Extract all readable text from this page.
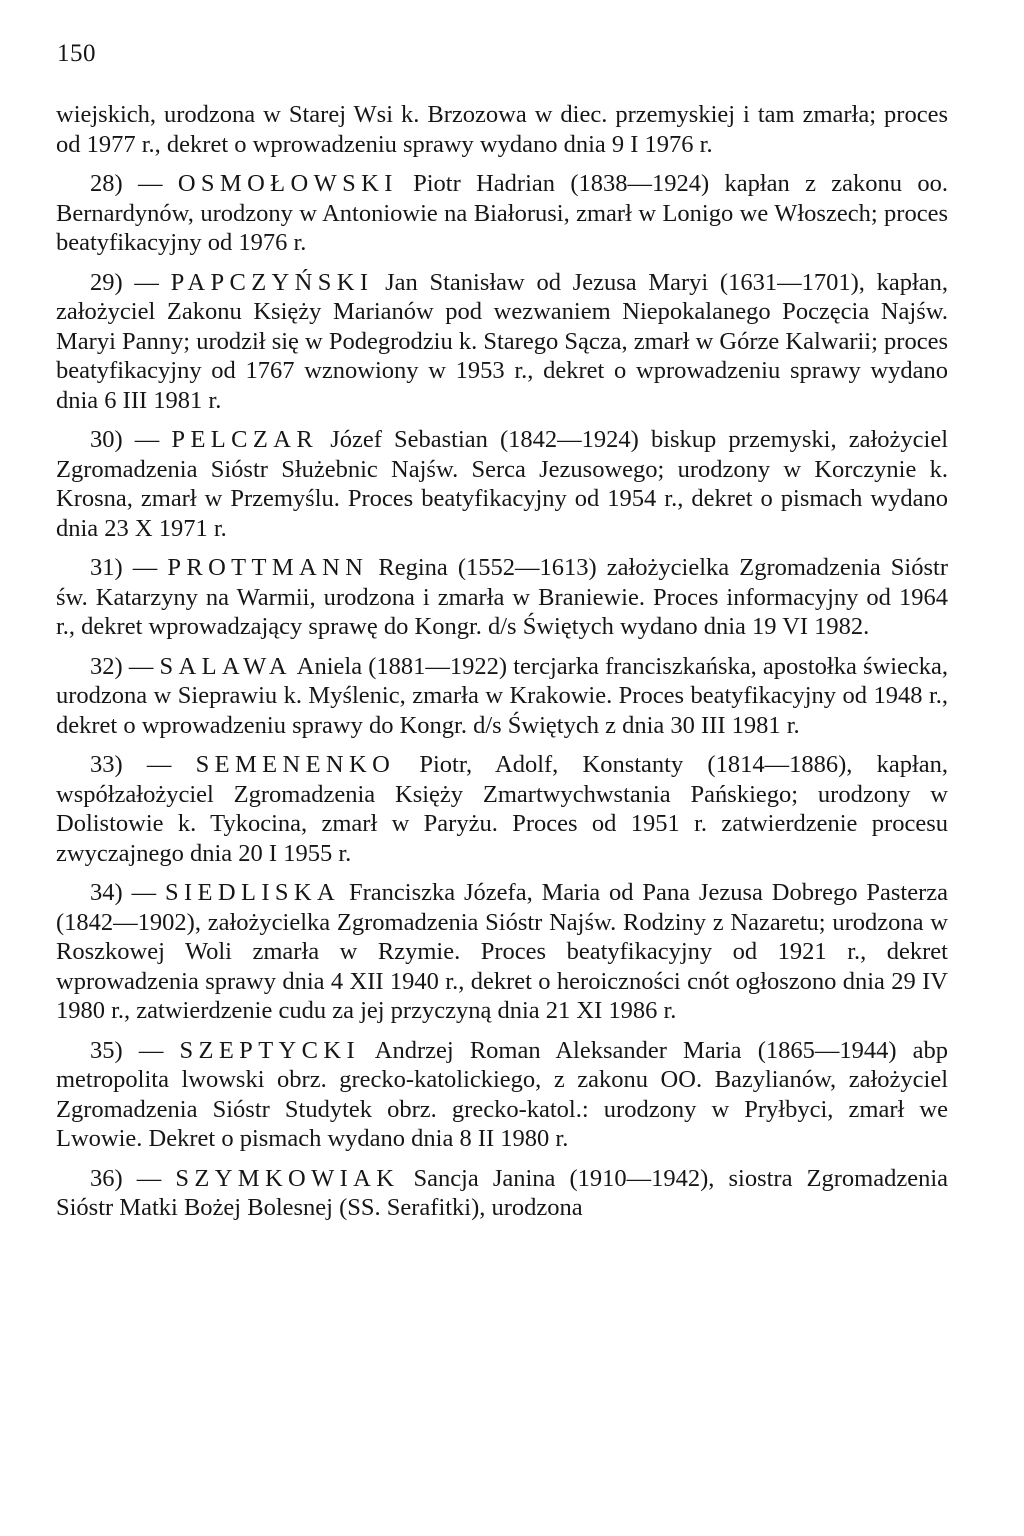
150

wiejskich, urodzona w Starej Wsi k. Brzozowa w diec. przemyskiej i tam zmarła; proces od 1977 r., dekret o wprowadzeniu sprawy wydano dnia 9 I 1976 r.

28) — OSMOŁOWSKI Piotr Hadrian (1838—1924) kapłan z zakonu oo. Bernardynów, urodzony w Antoniowie na Białorusi, zmarł w Lonigo we Włoszech; proces beatyfikacyjny od 1976 r.

29) — PAPCZYŃSKI Jan Stanisław od Jezusa Maryi (1631—1701), kapłan, założyciel Zakonu Księży Marianów pod wezwaniem Niepokalanego Poczęcia Najśw. Maryi Panny; urodził się w Podegrodziu k. Starego Sącza, zmarł w Górze Kalwarii; proces beatyfikacyjny od 1767 wznowiony w 1953 r., dekret o wprowadzeniu sprawy wydano dnia 6 III 1981 r.

30) — PELCZAR Józef Sebastian (1842—1924) biskup przemyski, założyciel Zgromadzenia Sióstr Służebnic Najśw. Serca Jezusowego; urodzony w Korczynie k. Krosna, zmarł w Przemyślu. Proces beatyfikacyjny od 1954 r., dekret o pismach wydano dnia 23 X 1971 r.

31) — PROTTMANN Regina (1552—1613) założycielka Zgromadzenia Sióstr św. Katarzyny na Warmii, urodzona i zmarła w Braniewie. Proces informacyjny od 1964 r., dekret wprowadzający sprawę do Kongr. d/s Świętych wydano dnia 19 VI 1982.

32) — SALAWA Aniela (1881—1922) tercjarka franciszkańska, apostołka świecka, urodzona w Sieprawiu k. Myślenic, zmarła w Krakowie. Proces beatyfikacyjny od 1948 r., dekret o wprowadzeniu sprawy do Kongr. d/s Świętych z dnia 30 III 1981 r.

33) — SEMENENKO Piotr, Adolf, Konstanty (1814—1886), kapłan, współzałożyciel Zgromadzenia Księży Zmartwychwstania Pańskiego; urodzony w Dolistowie k. Tykocina, zmarł w Paryżu. Proces od 1951 r. zatwierdzenie procesu zwyczajnego dnia 20 I 1955 r.

34) — SIEDLISKA Franciszka Józefa, Maria od Pana Jezusa Dobrego Pasterza (1842—1902), założycielka Zgromadzenia Sióstr Najśw. Rodziny z Nazaretu; urodzona w Roszkowej Woli zmarła w Rzymie. Proces beatyfikacyjny od 1921 r., dekret wprowadzenia sprawy dnia 4 XII 1940 r., dekret o heroiczności cnót ogłoszono dnia 29 IV 1980 r., zatwierdzenie cudu za jej przyczyną dnia 21 XI 1986 r.

35) — SZEPTYCKI Andrzej Roman Aleksander Maria (1865—1944) abp metropolita lwowski obrz. grecko-katolickiego, z zakonu OO. Bazylianów, założyciel Zgromadzenia Sióstr Studytek obrz. grecko-katol.: urodzony w Pryłbyci, zmarł we Lwowie. Dekret o pismach wydano dnia 8 II 1980 r.

36) — SZYMKOWIAK Sancja Janina (1910—1942), siostra Zgromadzenia Sióstr Matki Bożej Bolesnej (SS. Serafitki), urodzona
